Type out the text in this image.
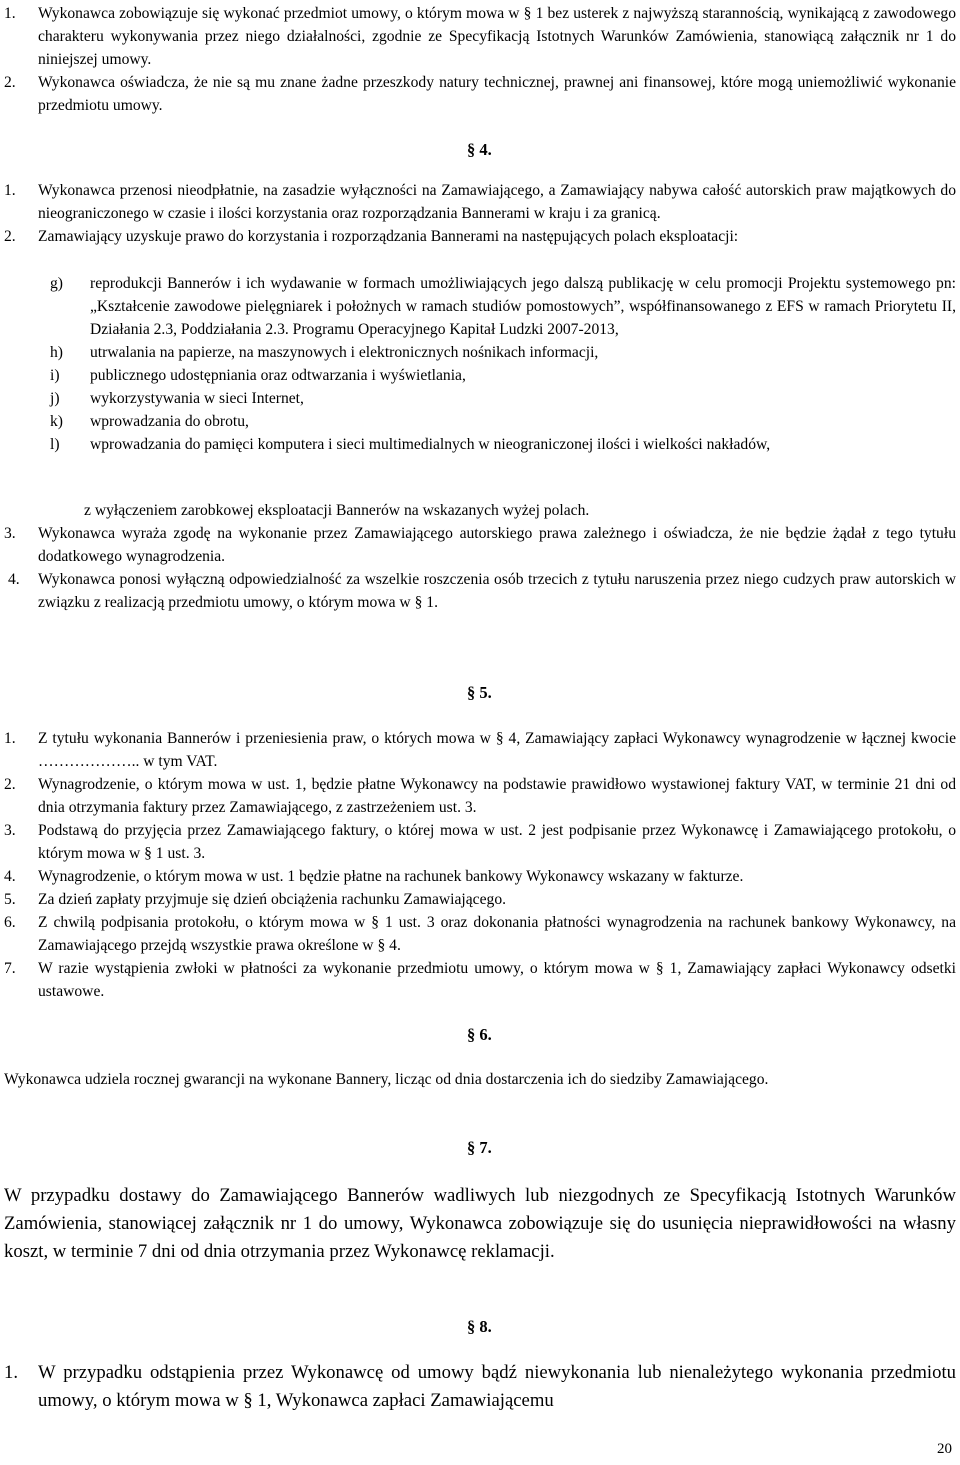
1. Wykonawca zobowiązuje się wykonać przedmiot umowy, o którym mowa w § 1 bez usterek z najwyższą starannością, wynikającą z zawodowego charakteru wykonywania przez niego działalności, zgodnie ze Specyfikacją Istotnych Warunków Zamówienia, stanowiącą załącznik nr 1 do niniejszej umowy.

2. Wykonawca oświadcza, że nie są mu znane żadne przeszkody natury technicznej, prawnej ani finansowej, które mogą uniemożliwić wykonanie przedmiotu umowy.

§ 4.
1. Wykonawca przenosi nieodpłatnie, na zasadzie wyłączności na Zamawiającego, a Zamawiający nabywa całość autorskich praw majątkowych do nieograniczonego w czasie i ilości korzystania oraz rozporządzania Bannerami w kraju i za granicą.

2. Zamawiający uzyskuje prawo do korzystania i rozporządzania Bannerami na następujących polach eksploatacji:

g) reprodukcji Bannerów i ich wydawanie w formach umożliwiających jego dalszą publikację w celu promocji Projektu systemowego pn: „Kształcenie zawodowe pielęgniarek i położnych w ramach studiów pomostowych”, współfinansowanego z EFS w ramach Priorytetu II, Działania 2.3, Poddziałania 2.3. Programu Operacyjnego Kapitał Ludzki 2007-2013,

h) utrwalania na papierze, na maszynowych i elektronicznych nośnikach informacji,

i) publicznego udostępniania oraz odtwarzania i wyświetlania,

j) wykorzystywania w sieci Internet,

k) wprowadzania do obrotu,

l) wprowadzania do pamięci komputera i sieci multimedialnych w nieograniczonej ilości i wielkości nakładów,

z wyłączeniem zarobkowej eksploatacji Bannerów na wskazanych wyżej polach.

3. Wykonawca wyraża zgodę na wykonanie przez Zamawiającego autorskiego prawa zależnego i oświadcza, że nie będzie żądał z tego tytułu dodatkowego wynagrodzenia.

4. Wykonawca ponosi wyłączną odpowiedzialność za wszelkie roszczenia osób trzecich z tytułu naruszenia przez niego cudzych praw autorskich w związku z realizacją przedmiotu umowy, o którym mowa w § 1.

§ 5.
1. Z tytułu wykonania Bannerów i przeniesienia praw, o których mowa w § 4, Zamawiający zapłaci Wykonawcy wynagrodzenie w łącznej kwocie ……………….. w tym VAT.

2. Wynagrodzenie, o którym mowa w ust. 1, będzie płatne Wykonawcy na podstawie prawidłowo wystawionej faktury VAT, w terminie 21 dni od dnia otrzymania faktury przez Zamawiającego, z zastrzeżeniem ust. 3.

3. Podstawą do przyjęcia przez Zamawiającego faktury, o której mowa w ust. 2 jest podpisanie przez Wykonawcę i Zamawiającego protokołu, o którym mowa w § 1 ust. 3.

4. Wynagrodzenie, o którym mowa w ust. 1 będzie płatne na rachunek bankowy Wykonawcy wskazany w fakturze.

5. Za dzień zapłaty przyjmuje się dzień obciążenia rachunku Zamawiającego.

6. Z chwilą podpisania protokołu, o którym mowa w § 1 ust. 3 oraz dokonania płatności wynagrodzenia na rachunek bankowy Wykonawcy, na Zamawiającego przejdą wszystkie prawa określone w § 4.

7. W razie wystąpienia zwłoki w płatności za wykonanie przedmiotu umowy, o którym mowa w § 1, Zamawiający zapłaci Wykonawcy odsetki ustawowe.

§ 6.

Wykonawca udziela rocznej gwarancji na wykonane Bannery, licząc od dnia dostarczenia ich do siedziby Zamawiającego.

§ 7.

W przypadku dostawy do Zamawiającego Bannerów wadliwych lub niezgodnych ze Specyfikacją Istotnych Warunków Zamówienia, stanowiącej załącznik nr 1 do umowy, Wykonawca zobowiązuje się do usunięcia nieprawidłowości na własny koszt, w terminie 7 dni od dnia otrzymania przez Wykonawcę reklamacji.

§ 8.
1. W przypadku odstąpienia przez Wykonawcę od umowy bądź niewykonania lub nienależytego wykonania przedmiotu umowy, o którym mowa w § 1, Wykonawca zapłaci Zamawiającemu

20
